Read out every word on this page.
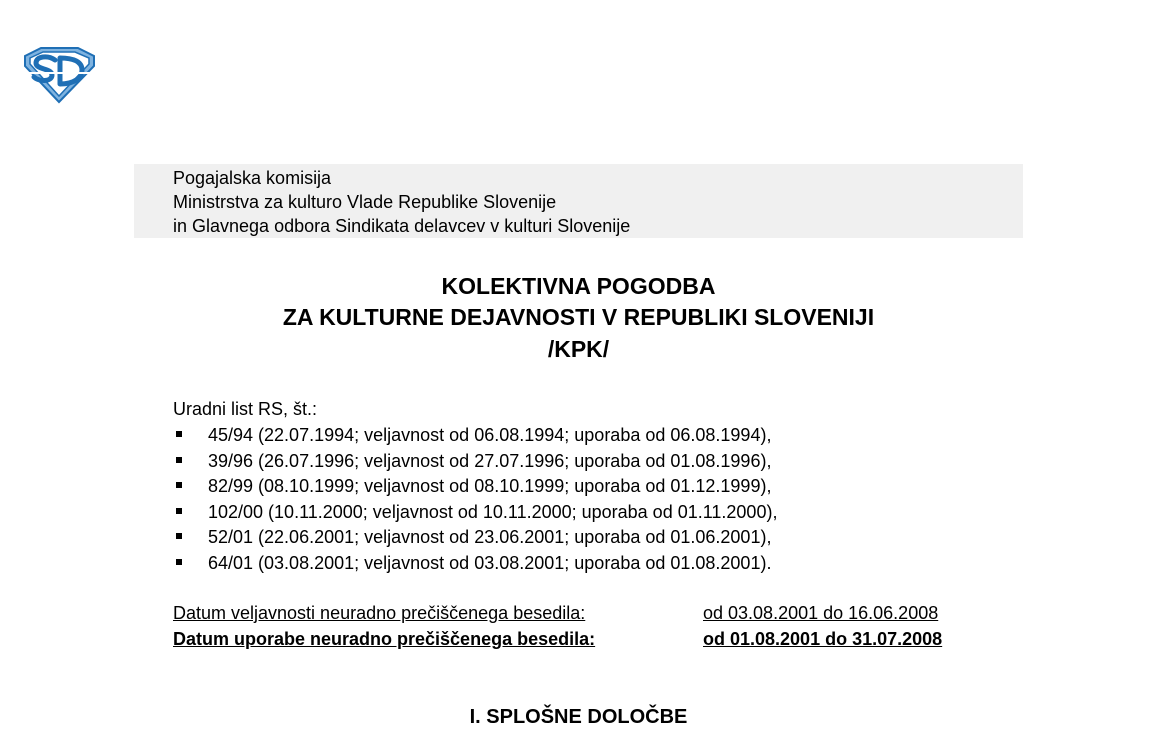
Pogajalska komisija
Ministrstva za kulturo Vlade Republike Slovenije
in Glavnega odbora Sindikata delavcev v kulturi Slovenije
KOLEKTIVNA POGODBA
ZA KULTURNE DEJAVNOSTI V REPUBLIKI SLOVENIJI
/KPK/
Uradni list RS, št.:
45/94 (22.07.1994; veljavnost od 06.08.1994; uporaba od 06.08.1994),
39/96 (26.07.1996; veljavnost od 27.07.1996; uporaba od 01.08.1996),
82/99 (08.10.1999; veljavnost od 08.10.1999; uporaba od 01.12.1999),
102/00 (10.11.2000; veljavnost od 10.11.2000; uporaba od 01.11.2000),
52/01 (22.06.2001; veljavnost od 23.06.2001; uporaba od 01.06.2001),
64/01 (03.08.2001; veljavnost od 03.08.2001; uporaba od 01.08.2001).
Datum veljavnosti neuradno prečiščenega besedila:	od 03.08.2001 do 16.06.2008
Datum uporabe neuradno prečiščenega besedila:	od 01.08.2001 do 31.07.2008
I. SPLOŠNE DOLOČBE
